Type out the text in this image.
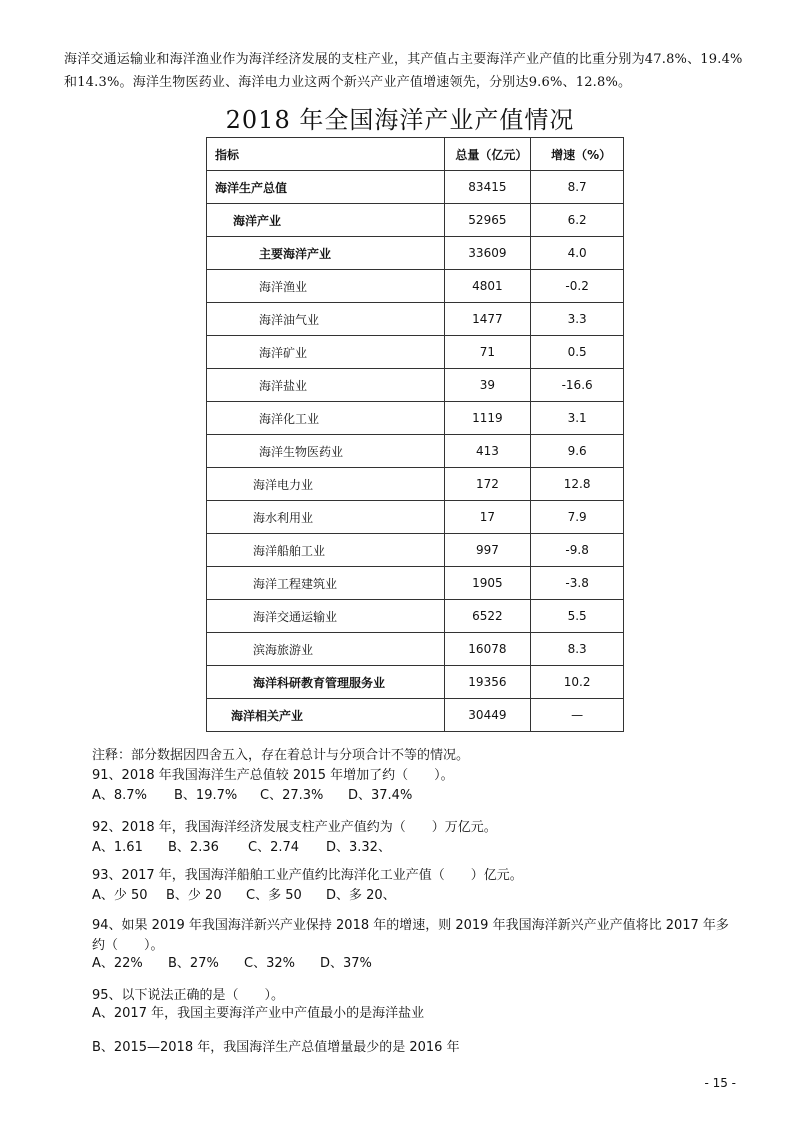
海洋交通运输业和海洋渔业作为海洋经济发展的支柱产业，其产值占主要海洋产业产值的比重分别为47.8%、19.4%和14.3%。海洋生物医药业、海洋电力业这两个新兴产业产值增速领先，分别达9.6%、12.8%。
2018 年全国海洋产业产值情况
指标	总量（亿元）	增速（%）
海洋生产总值	83415	8.7
海洋产业	52965	6.2
主要海洋产业	33609	4.0
海洋渔业	4801	-0.2
海洋油气业	1477	3.3
海洋矿业	71	0.5
海洋盐业	39	-16.6
海洋化工业	1119	3.1
海洋生物医药业	413	9.6
海洋电力业	172	12.8
海水利用业	17	7.9
海洋船舶工业	997	-9.8
海洋工程建筑业	1905	-3.8
海洋交通运输业	6522	5.5
滨海旅游业	16078	8.3
海洋科研教育管理服务业	19356	10.2
海洋相关产业	30449	—
注释：部分数据因四舍五入，存在着总计与分项合计不等的情况。
91、2018 年我国海洋生产总值较 2015 年增加了约（　　）。
A、8.7% B、19.7% C、27.3% D、37.4%
92、2018 年，我国海洋经济发展支柱产业产值约为（　　）万亿元。
A、1.61 B、2.36 C、2.74 D、3.32、
93、2017 年，我国海洋船舶工业产值约比海洋化工业产值（　　）亿元。
A、少 50 B、少 20 C、多 50 D、多 20、
94、如果 2019 年我国海洋新兴产业保持 2018 年的增速，则 2019 年我国海洋新兴产业产值将比 2017 年多约（　　）。
A、22% B、27% C、32% D、37%
95、以下说法正确的是（　　）。
A、2017 年，我国主要海洋产业中产值最小的是海洋盐业
B、2015—2018 年，我国海洋生产总值增量最少的是 2016 年
- 15 -
